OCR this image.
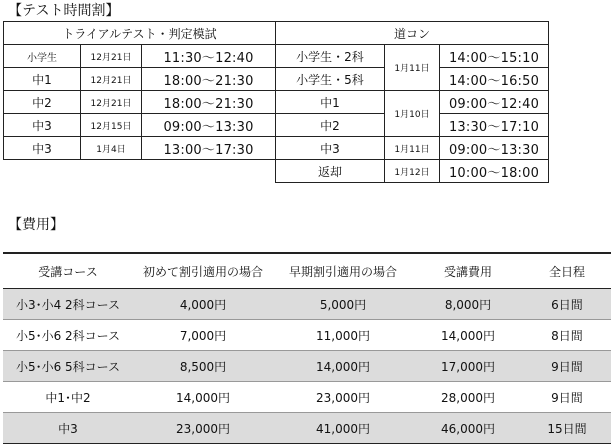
【テスト時間割】
トライアルテスト・判定模試		
小学生	12月21日	11:30～12:40
中1	12月21日	18:00～21:30
中2	12月21日	18:00～21:30
中3	12月15日	09:00～13:30
中3	1月4日	13:00～17:30
道コン		
小学生・2科	1月11日	14:00～15:10
小学生・5科		14:00～16:50
中1	1月10日	09:00～12:40
中2		13:30～17:10
中3	1月11日	09:00～13:30
返却	1月12日	10:00～18:00
【費用】
受講コース	初めて割引適用の場合	早期割引適用の場合	受講費用	全日程
小3･小4 2科コース	4,000円	5,000円	8,000円	6日間
小5･小6 2科コース	7,000円	11,000円	14,000円	8日間
小5･小6 5科コース	8,500円	14,000円	17,000円	9日間
中1･中2	14,000円	23,000円	28,000円	9日間
中3	23,000円	41,000円	46,000円	15日間
